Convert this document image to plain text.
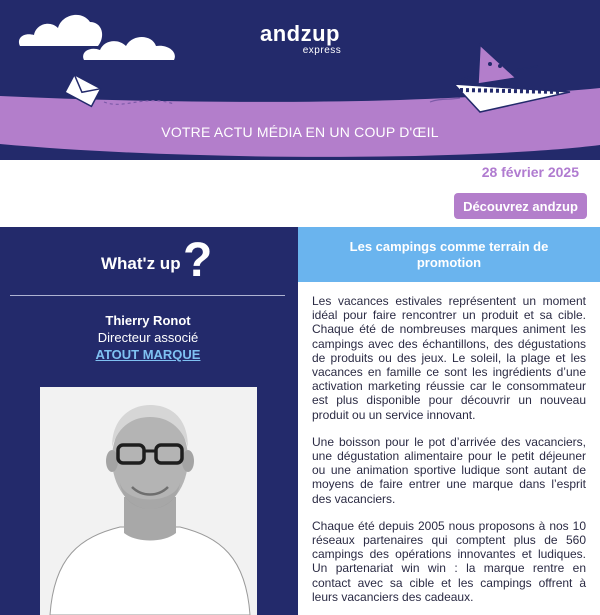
andzup
express
VOTRE ACTU MÉDIA EN UN COUP D'ŒIL
28 février 2025
Découvrez andzup
What'z up ?
Thierry Ronot
Directeur associé
ATOUT MARQUE
Les campings comme terrain de promotion

Les vacances estivales représentent un moment idéal pour faire rencontrer un produit et sa cible. Chaque été de nombreuses marques animent les campings avec des échantillons, des dégustations de produits ou des jeux. Le soleil, la plage et les vacances en famille ce sont les ingrédients d’une activation marketing réussie car le consommateur est plus disponible pour découvrir un nouveau produit ou un service innovant.

Une boisson pour le pot d’arrivée des vacanciers, une dégustation alimentaire pour le petit déjeuner ou une animation sportive ludique sont autant de moyens de faire entrer une marque dans l’esprit des vacanciers.

Chaque été depuis 2005 nous proposons à nos 10 réseaux partenaires qui comptent plus de 560 campings des opérations innovantes et ludiques. Un partenariat win win : la marque rentre en contact avec sa cible et les campings offrent à leurs vacanciers des cadeaux.
